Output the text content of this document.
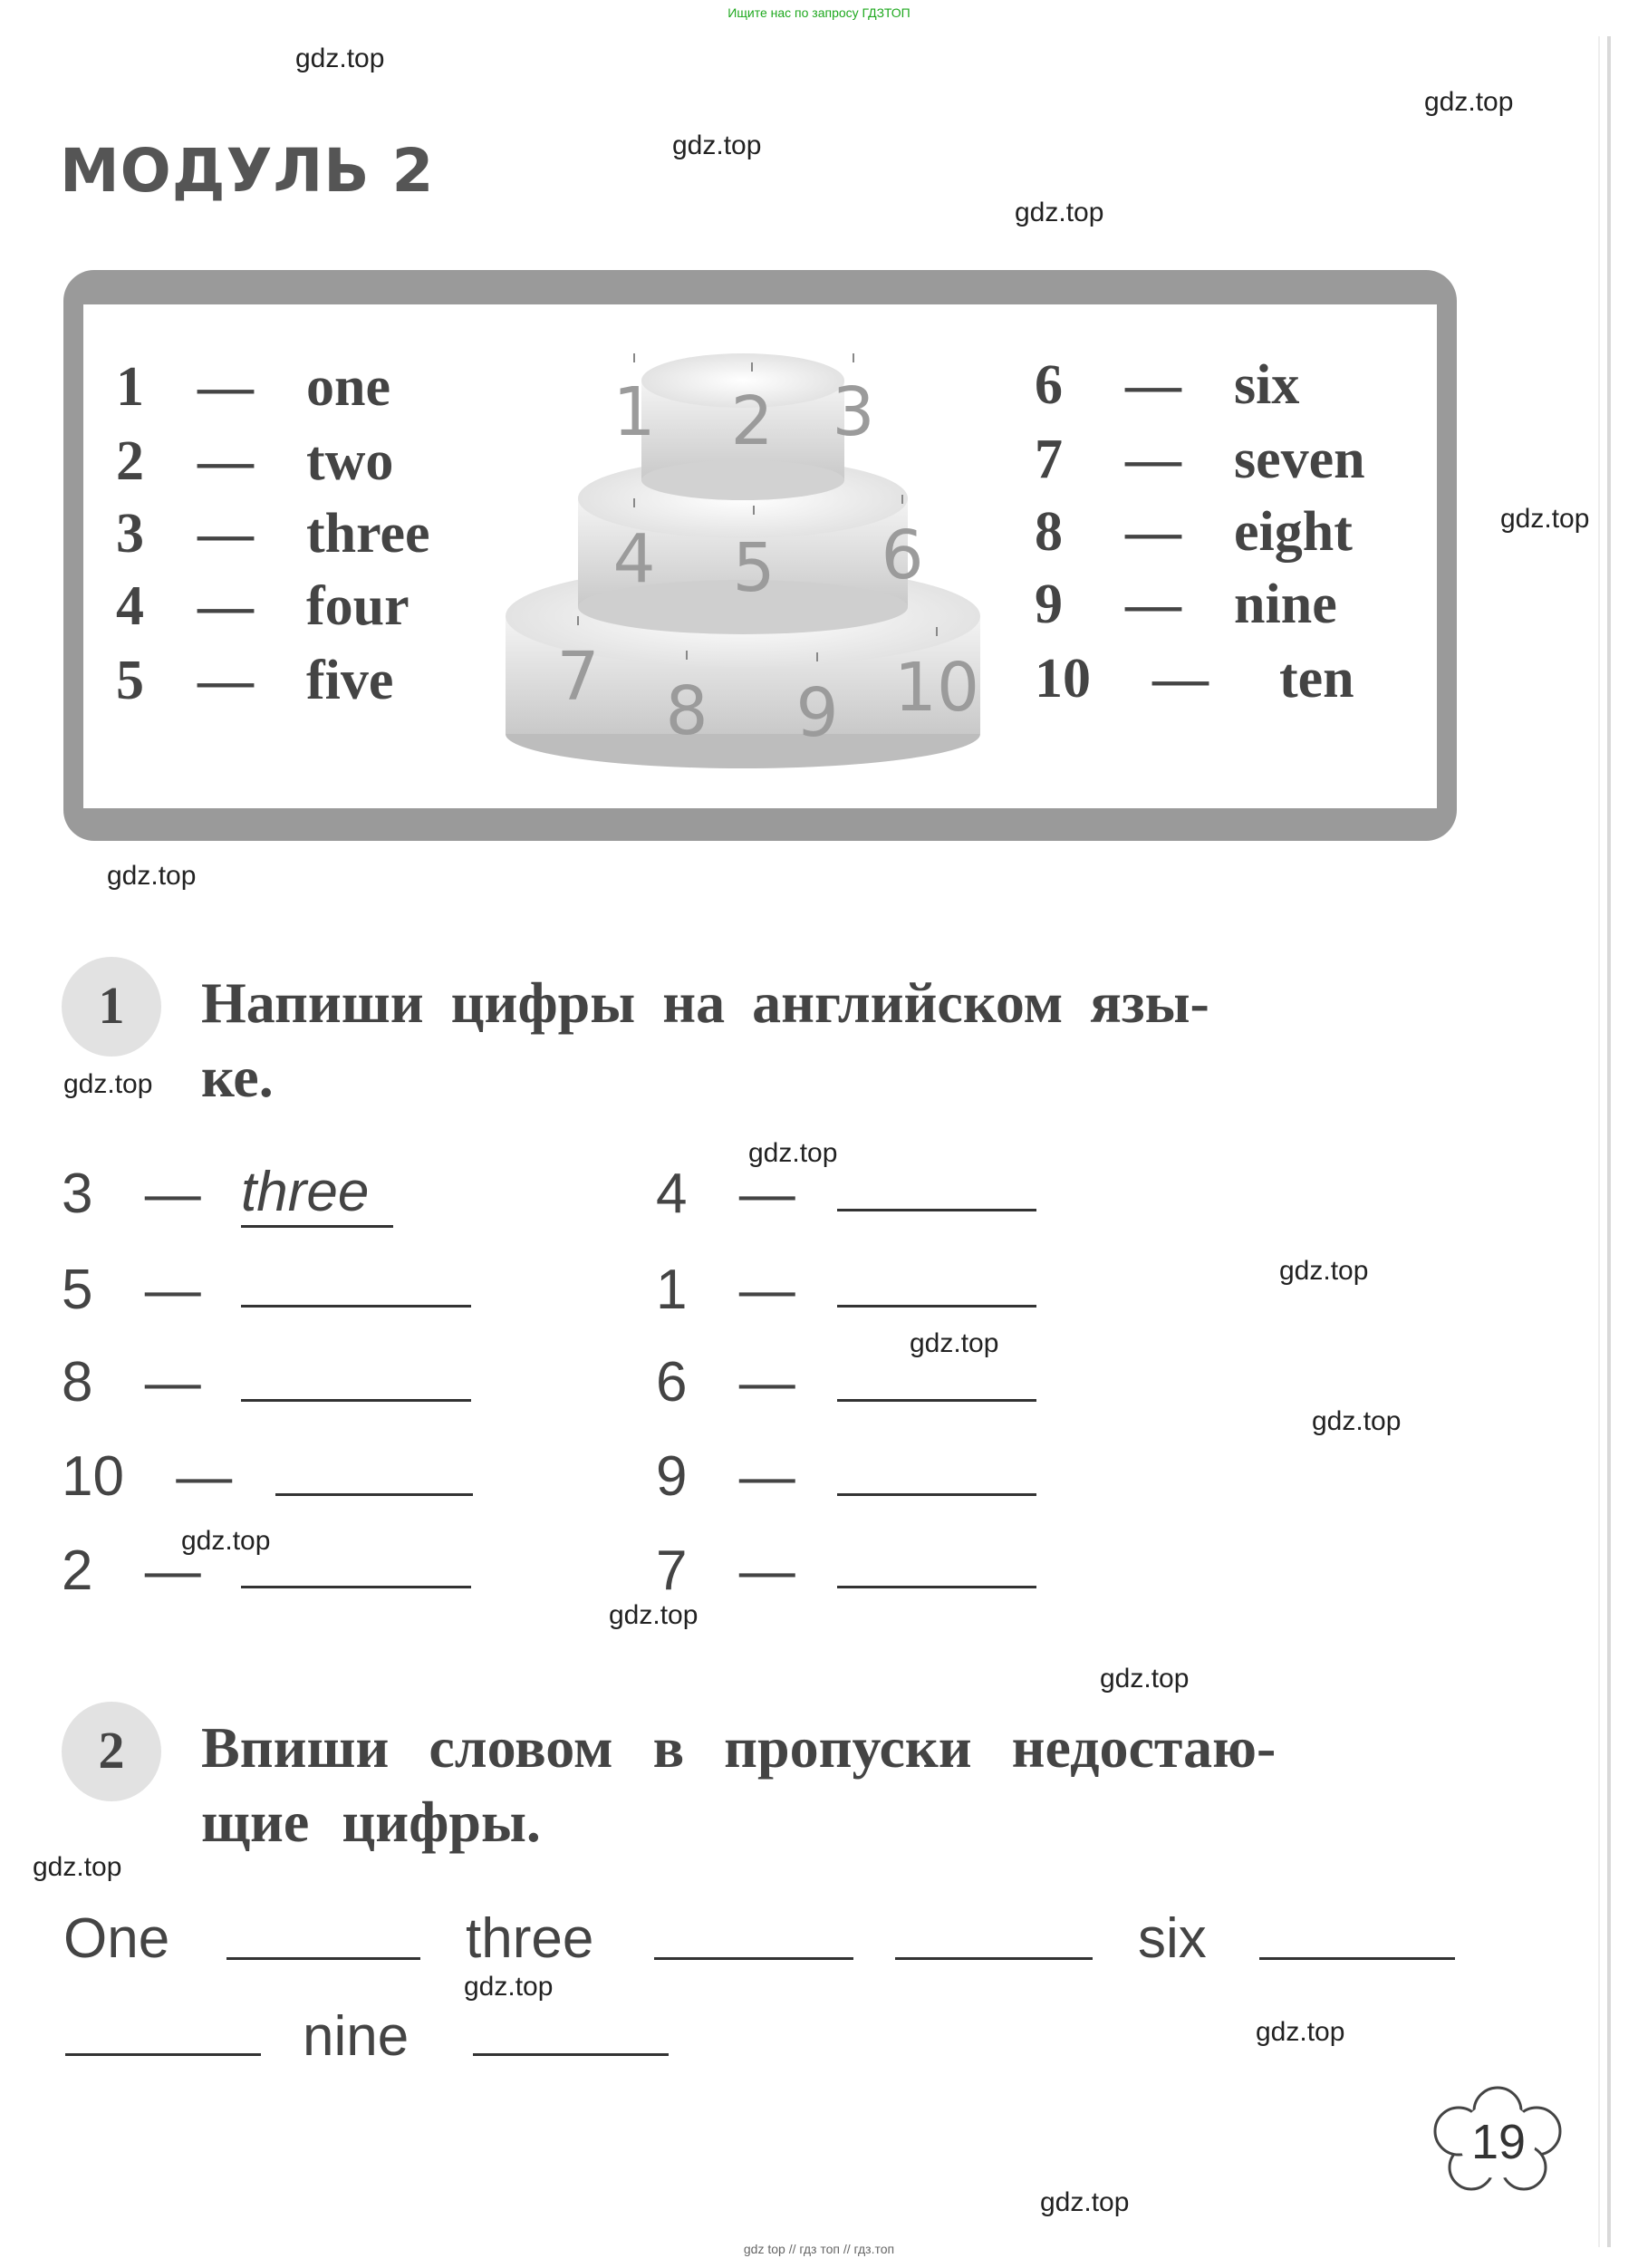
Ищите нас по запросу ГДЗТОП
gdz.top
gdz.top
gdz.top
gdz.top
gdz.top
gdz.top
gdz.top
gdz.top
gdz.top
gdz.top
gdz.top
gdz.top
gdz.top
gdz.top
gdz.top
gdz.top
gdz.top
gdz.top
МОДУЛЬ 2
1 — one
2 — two
3 — three
4 — four
5 — five
6 — six
7 — seven
8 — eight
9 — nine
10 — ten
1 2 3
4 5 6
7 8 9 10
1	Напиши цифры на английском язы-
ке.
3 — three
5 —
8 —
10 —
2 —
4 —
1 —
6 —
9 —
7 —
2	Впиши словом в пропуски недостаю-
щие цифры.
One	three	six
nine
19
gdz top // гдз топ // гдз.топ
